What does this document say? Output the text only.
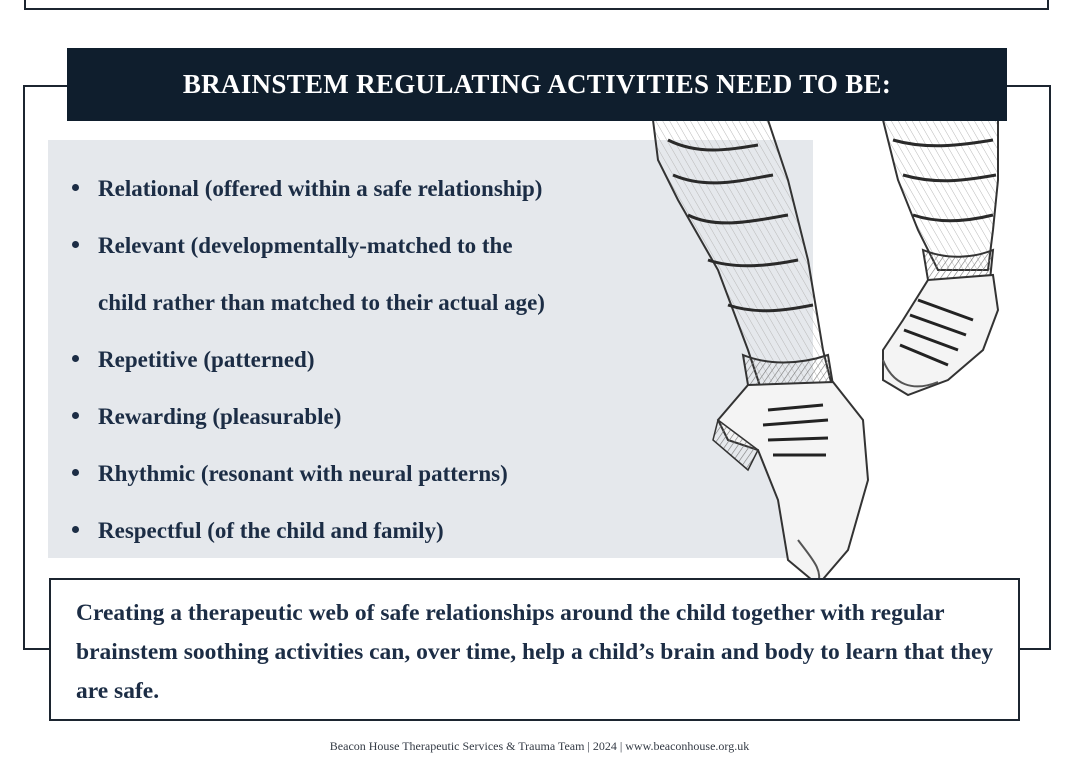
BRAINSTEM REGULATING ACTIVITIES NEED TO BE:
Relational (offered within a safe relationship)
Relevant (developmentally-matched to the
child rather than matched to their actual age)
Repetitive (patterned)
Rewarding (pleasurable)
Rhythmic (resonant with neural patterns)
Respectful (of the child and family)

Creating a therapeutic web of safe relationships around the child together with regular brainstem soothing activities can, over time, help a child’s brain and body to learn that they are safe.

Beacon House Therapeutic Services & Trauma Team | 2024 | www.beaconhouse.org.uk
